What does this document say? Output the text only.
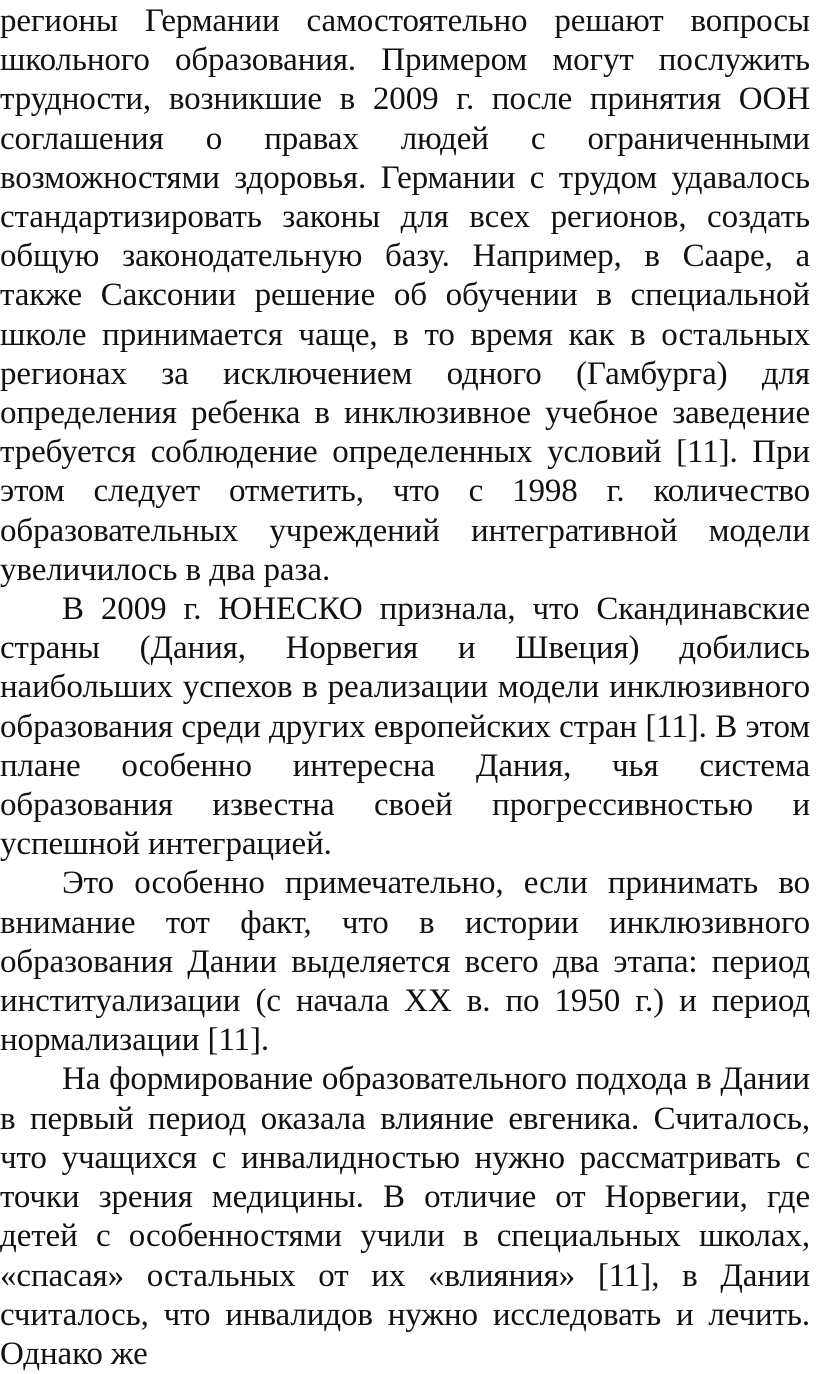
регионы Германии самостоятельно решают вопросы школьного образования. Примером могут послужить трудности, возникшие в 2009 г. после принятия ООН соглашения о правах людей с ограниченными возможностями здоровья. Германии с трудом удавалось стандартизировать законы для всех регионов, создать общую законодательную базу. Например, в Сааре, а также Саксонии решение об обучении в специальной школе принимается чаще, в то время как в остальных регионах за исключением одного (Гамбурга) для определения ребенка в инклюзивное учебное заведение требуется соблюдение определенных условий [11]. При этом следует отметить, что с 1998 г. количество образовательных учреждений интегративной модели увеличилось в два раза.

В 2009 г. ЮНЕСКО признала, что Скандинавские страны (Дания, Норвегия и Швеция) добились наибольших успехов в реализации модели инклюзивного образования среди других европейских стран [11]. В этом плане особенно интересна Дания, чья система образования известна своей прогрессивностью и успешной интеграцией.

Это особенно примечательно, если принимать во внимание тот факт, что в истории инклюзивного образования Дании выделяется всего два этапа: период институализации (с начала XX в. по 1950 г.) и период нормализации [11].

На формирование образовательного подхода в Дании в первый период оказала влияние евгеника. Считалось, что учащихся с инвалидностью нужно рассматривать с точки зрения медицины. В отличие от Норвегии, где детей с особенностями учили в специальных школах, «спасая» остальных от их «влияния» [11], в Дании считалось, что инвалидов нужно исследовать и лечить. Однако же
